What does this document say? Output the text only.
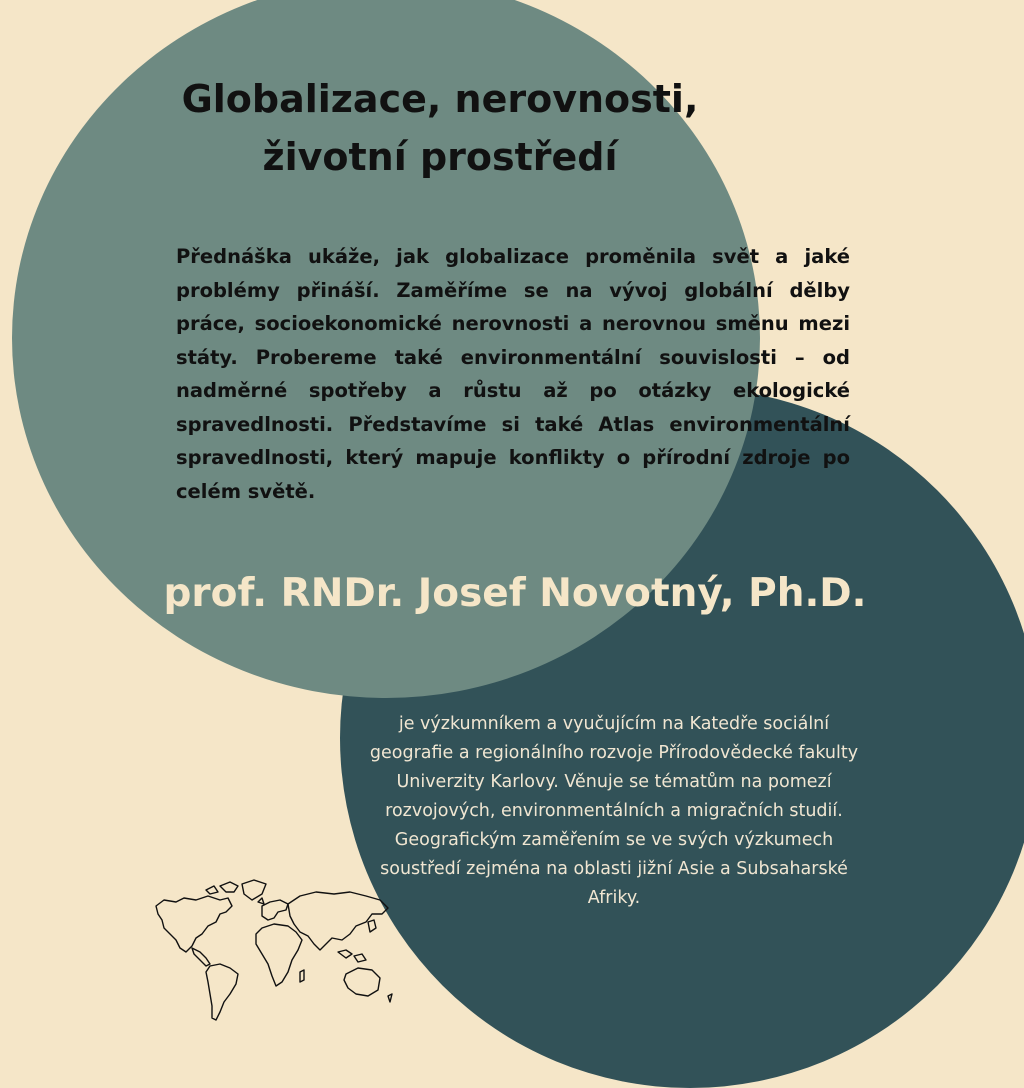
Globalizace, nerovnosti,
životní prostředí

Přednáška ukáže, jak globalizace proměnila svět a jaké problémy přináší. Zaměříme se na vývoj globální dělby práce, socioekonomické nerovnosti a nerovnou směnu mezi státy. Probereme také environmentální souvislosti – od nadměrné spotřeby a růstu až po otázky ekologické spravedlnosti. Představíme si také Atlas environmentální spravedlnosti, který mapuje konflikty o přírodní zdroje po celém světě.

prof. RNDr. Josef Novotný, Ph.D.

je výzkumníkem a vyučujícím na Katedře sociální geografie a regionálního rozvoje Přírodovědecké fakulty Univerzity Karlovy. Věnuje se tématům na pomezí rozvojových, environmentálních a migračních studií. Geografickým zaměřením se ve svých výzkumech soustředí zejména na oblasti jižní Asie a Subsaharské Afriky.
